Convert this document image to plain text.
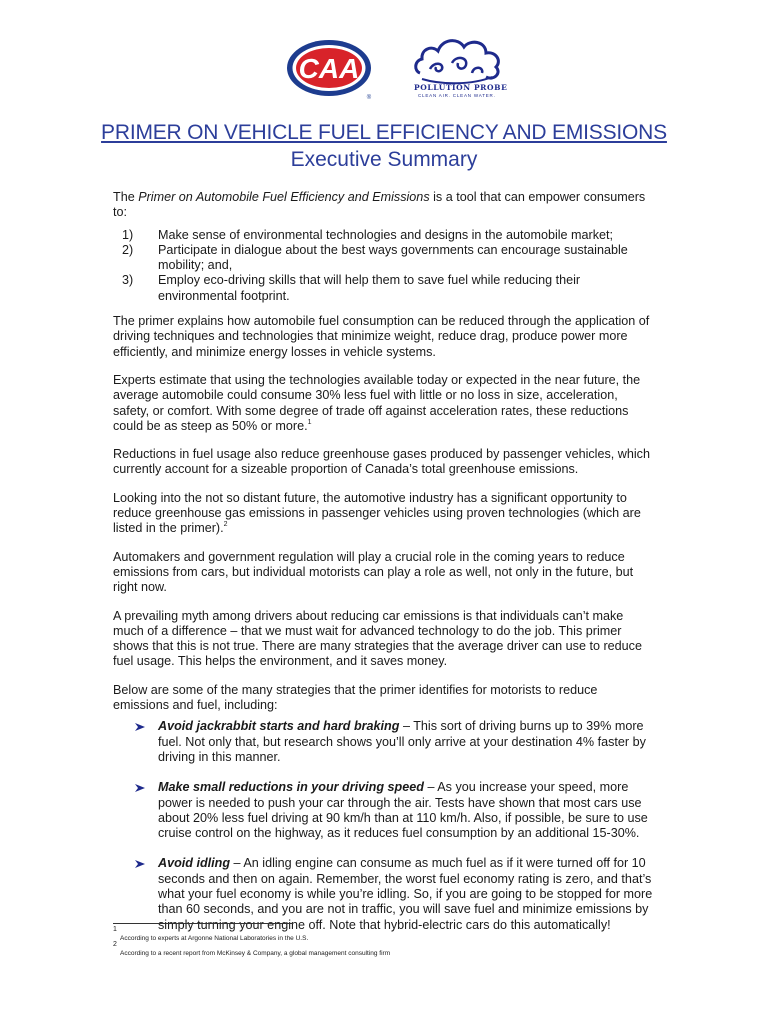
CAA
®
POLLUTION PROBE
CLEAN AIR. CLEAN WATER.
PRIMER ON VEHICLE FUEL EFFICIENCY AND EMISSIONS
Executive Summary

The Primer on Automobile Fuel Efficiency and Emissions is a tool that can empower consumers to:

1) Make sense of environmental technologies and designs in the automobile market;
2) Participate in dialogue about the best ways governments can encourage sustainable mobility; and,
3) Employ eco-driving skills that will help them to save fuel while reducing their environmental footprint.

The primer explains how automobile fuel consumption can be reduced through the application of driving techniques and technologies that minimize weight, reduce drag, produce power more efficiently, and minimize energy losses in vehicle systems.

Experts estimate that using the technologies available today or expected in the near future, the average automobile could consume 30% less fuel with little or no loss in size, acceleration, safety, or comfort. With some degree of trade off against acceleration rates, these reductions could be as steep as 50% or more.$^1$

Reductions in fuel usage also reduce greenhouse gases produced by passenger vehicles, which currently account for a sizeable proportion of Canada’s total greenhouse emissions.

Looking into the not so distant future, the automotive industry has a significant opportunity to reduce greenhouse gas emissions in passenger vehicles using proven technologies (which are listed in the primer).$^2$

Automakers and government regulation will play a crucial role in the coming years to reduce emissions from cars, but individual motorists can play a role as well, not only in the future, but right now.

A prevailing myth among drivers about reducing car emissions is that individuals can’t make much of a difference – that we must wait for advanced technology to do the job. This primer shows that this is not true. There are many strategies that the average driver can use to reduce fuel usage. This helps the environment, and it saves money.

Below are some of the many strategies that the primer identifies for motorists to reduce emissions and fuel, including:

Avoid jackrabbit starts and hard braking – This sort of driving burns up to 39% more fuel. Not only that, but research shows you’ll only arrive at your destination 4% faster by driving in this manner.
Make small reductions in your driving speed – As you increase your speed, more power is needed to push your car through the air. Tests have shown that most cars use about 20% less fuel driving at 90 km/h than at 110 km/h. Also, if possible, be sure to use cruise control on the highway, as it reduces fuel consumption by an additional 15-30%.
Avoid idling – An idling engine can consume as much fuel as if it were turned off for 10 seconds and then on again. Remember, the worst fuel economy rating is zero, and that’s what your fuel economy is while you’re idling. So, if you are going to be stopped for more than 60 seconds, and you are not in traffic, you will save fuel and minimize emissions by simply turning your engine off. Note that hybrid-electric cars do this automatically!
1
According to experts at Argonne National Laboratories in the U.S.
2
According to a recent report from McKinsey & Company, a global management consulting firm
